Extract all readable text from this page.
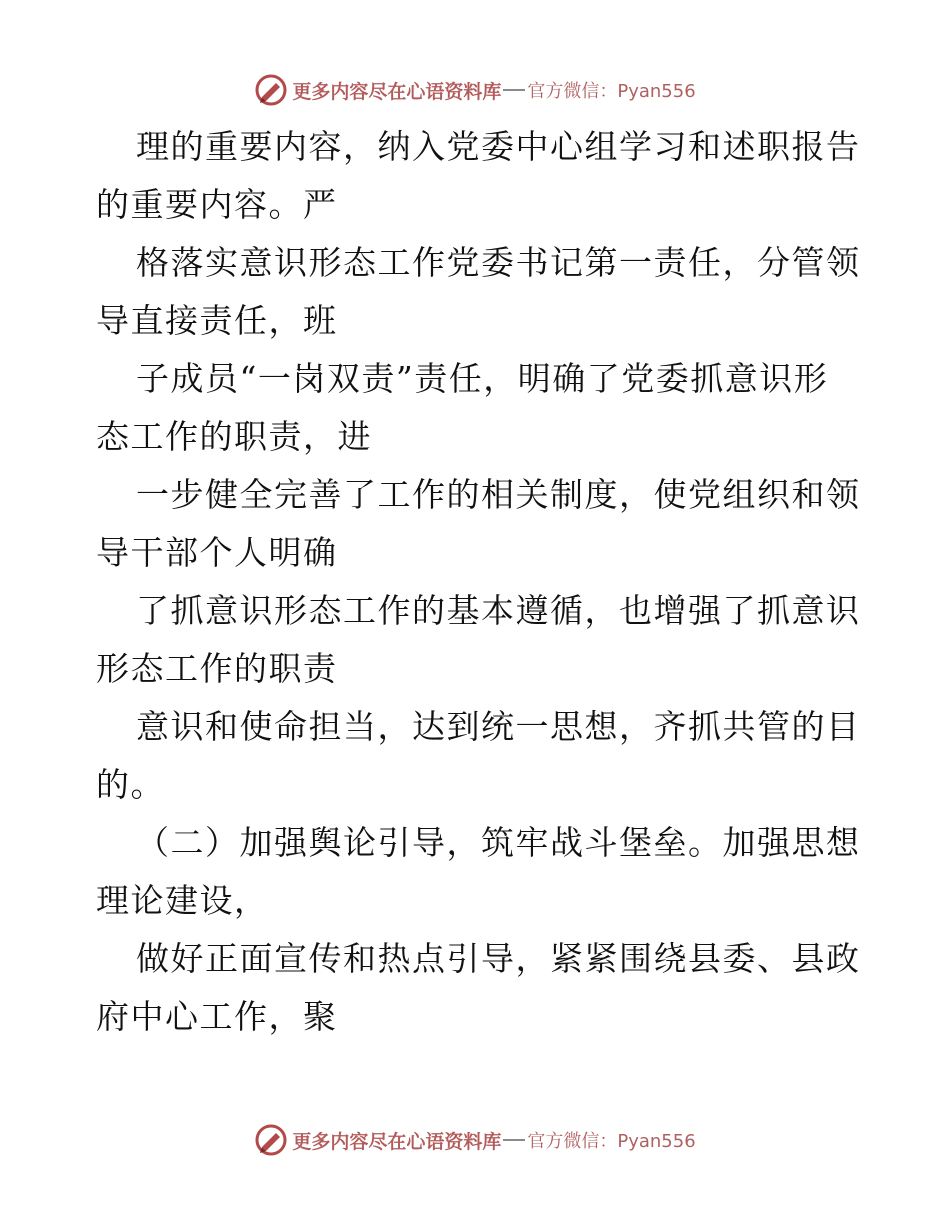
更多内容尽在心语资料库 官方微信：Pyan556
理的重要内容，纳入党委中心组学习和述职报告
的重要内容。严
格落实意识形态工作党委书记第一责任，分管领
导直接责任，班
子成员“一岗双责”责任，明确了党委抓意识形
态工作的职责，进
一步健全完善了工作的相关制度，使党组织和领
导干部个人明确
了抓意识形态工作的基本遵循，也增强了抓意识
形态工作的职责
意识和使命担当，达到统一思想，齐抓共管的目
的。
（二）加强舆论引导，筑牢战斗堡垒。加强思想
理论建设，
做好正面宣传和热点引导，紧紧围绕县委、县政
府中心工作，聚
更多内容尽在心语资料库 官方微信：Pyan556
